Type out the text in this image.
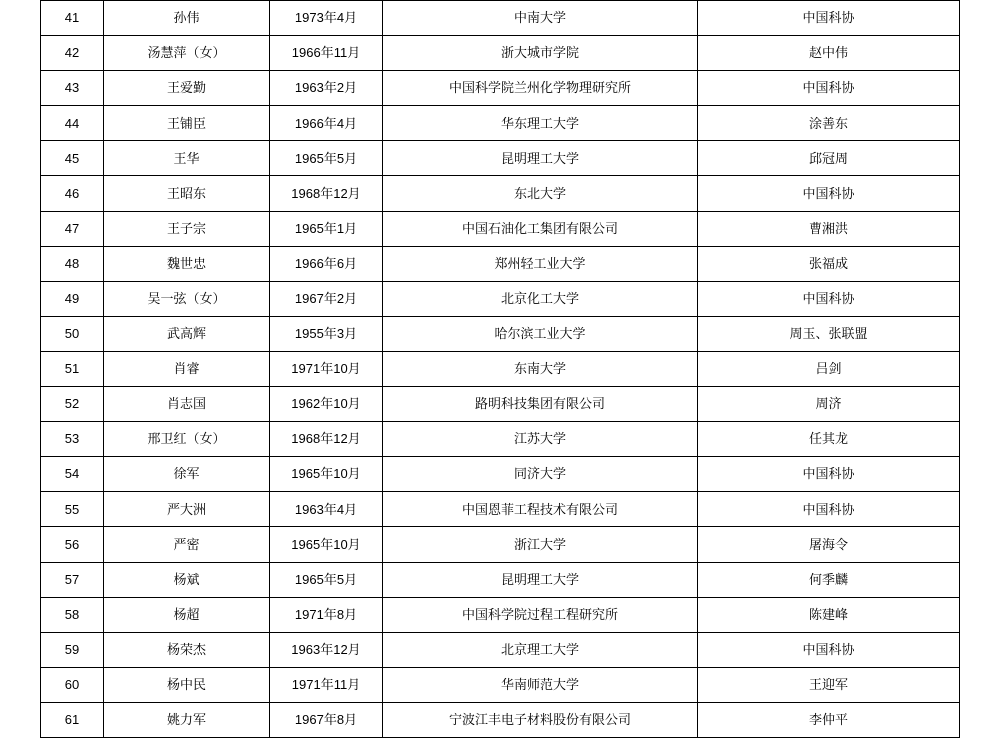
41	孙伟	1973年4月	中南大学	中国科协
42	汤慧萍（女）	1966年11月	浙大城市学院	赵中伟
43	王爱勤	1963年2月	中国科学院兰州化学物理研究所	中国科协
44	王铺臣	1966年4月	华东理工大学	涂善东
45	王华	1965年5月	昆明理工大学	邱冠周
46	王昭东	1968年12月	东北大学	中国科协
47	王子宗	1965年1月	中国石油化工集团有限公司	曹湘洪
48	魏世忠	1966年6月	郑州轻工业大学	张福成
49	吴一弦（女）	1967年2月	北京化工大学	中国科协
50	武高辉	1955年3月	哈尔滨工业大学	周玉、张联盟
51	肖睿	1971年10月	东南大学	吕剑
52	肖志国	1962年10月	路明科技集团有限公司	周济
53	邢卫红（女）	1968年12月	江苏大学	任其龙
54	徐军	1965年10月	同济大学	中国科协
55	严大洲	1963年4月	中国恩菲工程技术有限公司	中国科协
56	严密	1965年10月	浙江大学	屠海令
57	杨斌	1965年5月	昆明理工大学	何季麟
58	杨超	1971年8月	中国科学院过程工程研究所	陈建峰
59	杨荣杰	1963年12月	北京理工大学	中国科协
60	杨中民	1971年11月	华南师范大学	王迎军
61	姚力军	1967年8月	宁波江丰电子材料股份有限公司	李仲平
